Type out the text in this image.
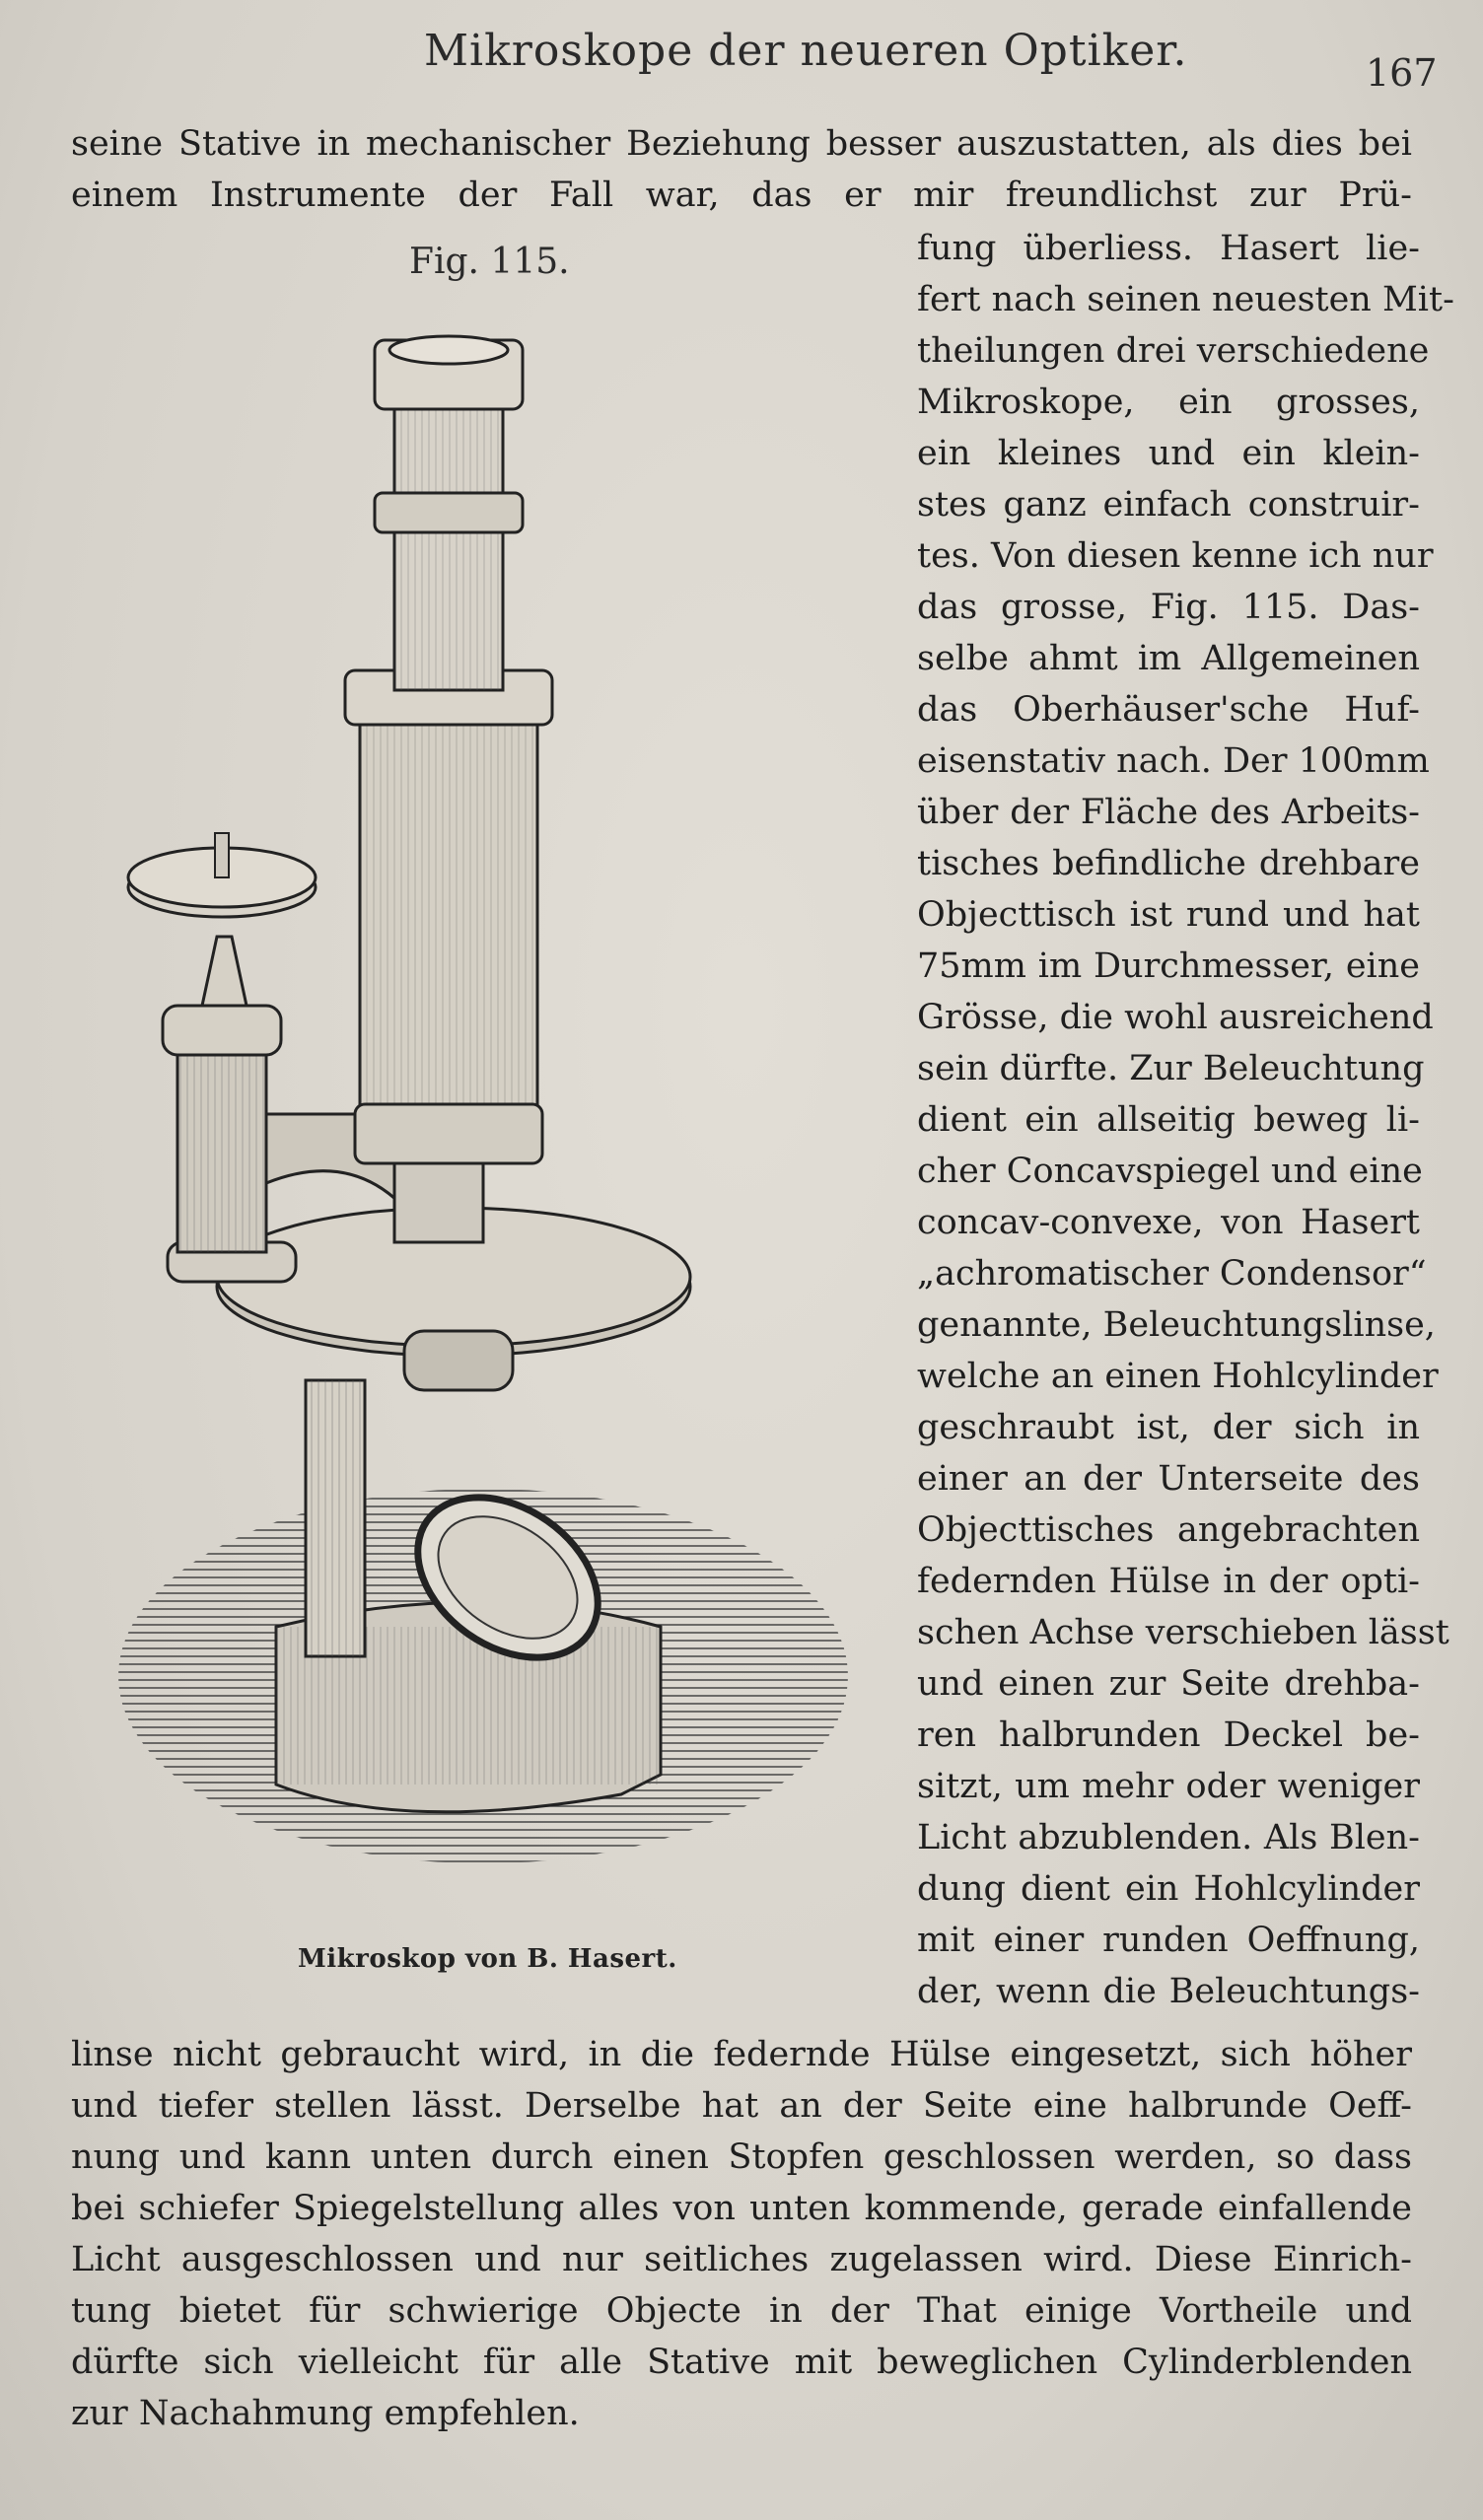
Mikroskope der neueren Optiker.	167
seine Stative in mechanischer Beziehung besser auszustatten, als dies bei
einem Instrumente der Fall war, das er mir freundlichst zur Prü-
Fig. 115.
Mikroskop von B. Hasert.
fung überliess. Hasert lie-
fert nach seinen neuesten Mit-
theilungen drei verschiedene
Mikroskope, ein grosses,
ein kleines und ein klein-
stes ganz einfach construir-
tes. Von diesen kenne ich nur
das grosse, Fig. 115. Das-
selbe ahmt im Allgemeinen
das Oberhäuser'sche Huf-
eisenstativ nach. Der 100mm
über der Fläche des Arbeits-
tisches befindliche drehbare
Objecttisch ist rund und hat
75mm im Durchmesser, eine
Grösse, die wohl ausreichend
sein dürfte. Zur Beleuchtung
dient ein allseitig beweg li-
cher Concavspiegel und eine
concav-convexe, von Hasert
„achromatischer Condensor“
genannte, Beleuchtungslinse,
welche an einen Hohlcylinder
geschraubt ist, der sich in
einer an der Unterseite des
Objecttisches angebrachten
federnden Hülse in der opti-
schen Achse verschieben lässt
und einen zur Seite drehba-
ren halbrunden Deckel be-
sitzt, um mehr oder weniger
Licht abzublenden. Als Blen-
dung dient ein Hohlcylinder
mit einer runden Oeffnung,
der, wenn die Beleuchtungs-
linse nicht gebraucht wird, in die federnde Hülse eingesetzt, sich höher
und tiefer stellen lässt. Derselbe hat an der Seite eine halbrunde Oeff-
nung und kann unten durch einen Stopfen geschlossen werden, so dass
bei schiefer Spiegelstellung alles von unten kommende, gerade einfallende
Licht ausgeschlossen und nur seitliches zugelassen wird. Diese Einrich-
tung bietet für schwierige Objecte in der That einige Vortheile und
dürfte sich vielleicht für alle Stative mit beweglichen Cylinderblenden
zur Nachahmung empfehlen.
